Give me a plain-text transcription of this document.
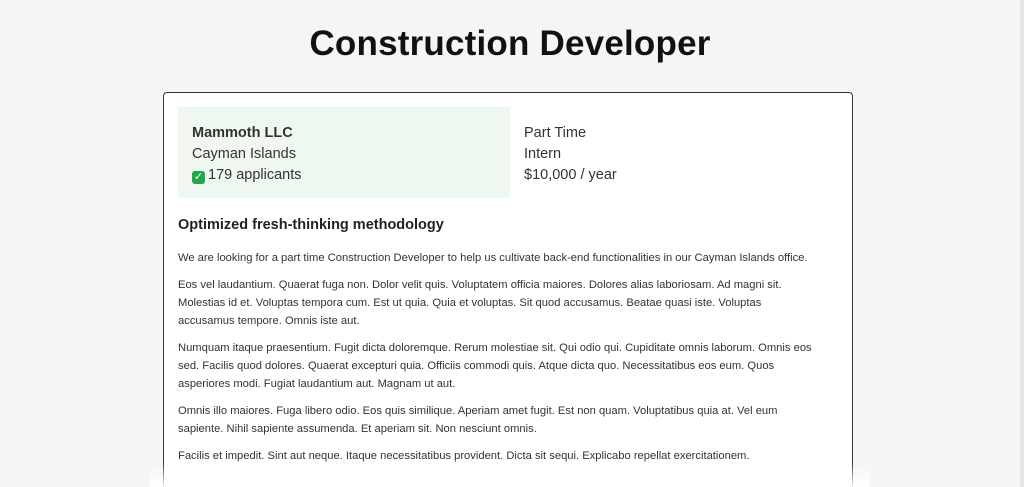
Construction Developer
Mammoth LLC
Cayman Islands
✓ 179 applicants
Part Time
Intern
$10,000 / year
Optimized fresh-thinking methodology

We are looking for a part time Construction Developer to help us cultivate back-end functionalities in our Cayman Islands office.

Eos vel laudantium. Quaerat fuga non. Dolor velit quis. Voluptatem officia maiores. Dolores alias laboriosam. Ad magni sit. Molestias id et. Voluptas tempora cum. Est ut quia. Quia et voluptas. Sit quod accusamus. Beatae quasi iste. Voluptas accusamus tempore. Omnis iste aut.

Numquam itaque praesentium. Fugit dicta doloremque. Rerum molestiae sit. Qui odio qui. Cupiditate omnis laborum. Omnis eos sed. Facilis quod dolores. Quaerat excepturi quia. Officiis commodi quis. Atque dicta quo. Necessitatibus eos eum. Quos asperiores modi. Fugiat laudantium aut. Magnam ut aut.

Omnis illo maiores. Fuga libero odio. Eos quis similique. Aperiam amet fugit. Est non quam. Voluptatibus quia at. Vel eum sapiente. Nihil sapiente assumenda. Et aperiam sit. Non nesciunt omnis.

Facilis et impedit. Sint aut neque. Itaque necessitatibus provident. Dicta sit sequi. Explicabo repellat exercitationem.
